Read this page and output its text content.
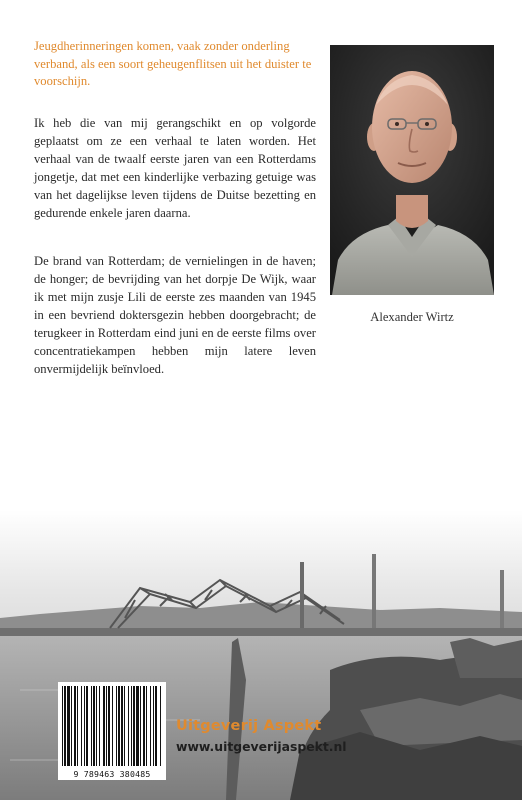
Jeugdherinneringen komen, vaak zonder onderling verband, als een soort geheugenflitsen uit het duister te voorschijn.

Ik heb die van mij gerangschikt en op volgorde geplaatst om ze een verhaal te laten worden. Het verhaal van de twaalf eerste jaren van een Rotterdams jongetje, dat met een kinderlijke verbazing getuige was van het dagelijkse leven tijdens de Duitse bezetting en gedurende enkele jaren daarna.

De brand van Rotterdam; de vernielingen in de haven; de honger; de bevrijding van het dorpje De Wijk, waar ik met mijn zusje Lili de eerste zes maanden van 1945 in een bevriend doktersgezin hebben doorgebracht; de terugkeer in Rotterdam eind juni en de eerste films over concentratiekampen hebben mijn latere leven onvermijdelijk beïnvloed.

Alexander Wirtz
9 789463 380485

Uitgeverij Aspekt

www.uitgeverijaspekt.nl
